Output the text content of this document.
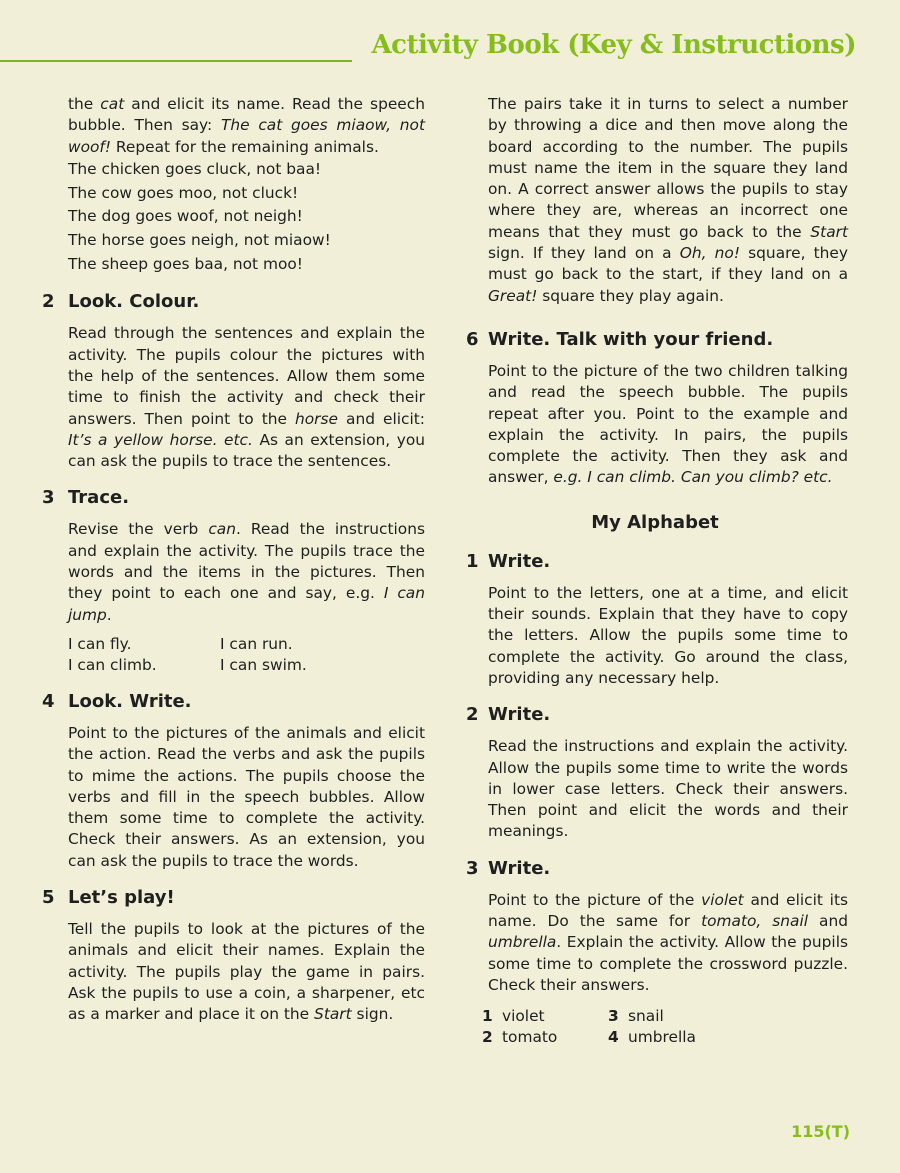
Activity Book (Key & Instructions)

the cat and elicit its name. Read the speech bubble. Then say: The cat goes miaow, not woof! Repeat for the remaining animals.

The chicken goes cluck, not baa!
The cow goes moo, not cluck!
The dog goes woof, not neigh!
The horse goes neigh, not miaow!
The sheep goes baa, not moo!
2 Look. Colour.

Read through the sentences and explain the activity. The pupils colour the pictures with the help of the sentences. Allow them some time to finish the activity and check their answers. Then point to the horse and elicit: It’s a yellow horse. etc. As an extension, you can ask the pupils to trace the sentences.

3 Trace.

Revise the verb can. Read the instructions and explain the activity. The pupils trace the words and the items in the pictures. Then they point to each one and say, e.g. I can jump.

I can fly.
I can climb.
I can run.
I can swim.
4 Look. Write.

Point to the pictures of the animals and elicit the action. Read the verbs and ask the pupils to mime the actions. The pupils choose the verbs and fill in the speech bubbles. Allow them some time to complete the activity. Check their answers. As an extension, you can ask the pupils to trace the words.

5 Let’s play!

Tell the pupils to look at the pictures of the animals and elicit their names. Explain the activity. The pupils play the game in pairs. Ask the pupils to use a coin, a sharpener, etc as a marker and place it on the Start sign.

The pairs take it in turns to select a number by throwing a dice and then move along the board according to the number. The pupils must name the item in the square they land on. A correct answer allows the pupils to stay where they are, whereas an incorrect one means that they must go back to the Start sign. If they land on a Oh, no! square, they must go back to the start, if they land on a Great! square they play again.

6 Write. Talk with your friend.

Point to the picture of the two children talking and read the speech bubble. The pupils repeat after you. Point to the example and explain the activity. In pairs, the pupils complete the activity. Then they ask and answer, e.g. I can climb. Can you climb? etc.

My Alphabet
1 Write.

Point to the letters, one at a time, and elicit their sounds. Explain that they have to copy the letters. Allow the pupils some time to complete the activity. Go around the class, providing any necessary help.

2 Write.

Read the instructions and explain the activity. Allow the pupils some time to write the words in lower case letters. Check their answers. Then point and elicit the words and their meanings.

3 Write.

Point to the picture of the violet and elicit its name. Do the same for tomato, snail and umbrella. Explain the activity. Allow the pupils some time to complete the crossword puzzle. Check their answers.

1 violet
2 tomato
3 snail
4 umbrella
115(T)
